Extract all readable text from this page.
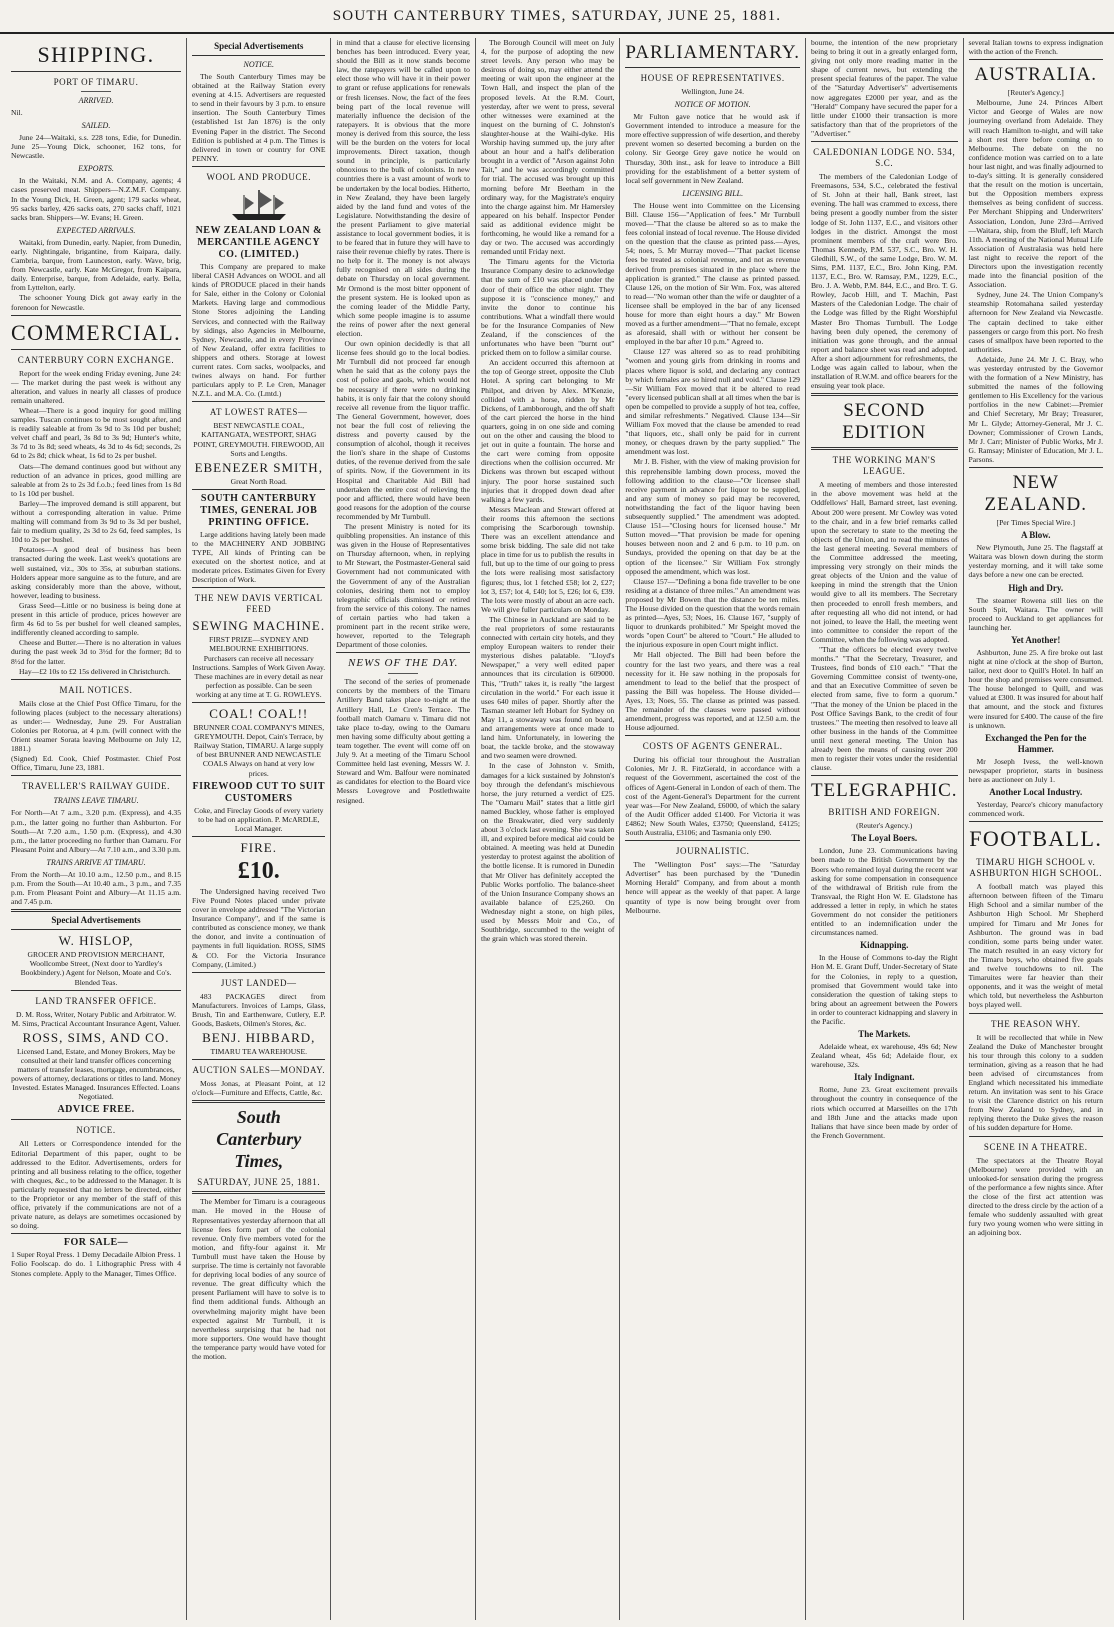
SOUTH CANTERBURY TIMES, SATURDAY, JUNE 25, 1881.
SHIPPING.
PORT OF TIMARU.
ARRIVED.

Nil.

SAILED.

June 24—Waitaki, s.s. 228 tons, Edie, for Dunedin. June 25—Young Dick, schooner, 162 tons, for Newcastle.

EXPORTS.

In the Waitaki, N.M. and A. Company, agents; 4 cases preserved meat. Shippers—N.Z.M.F. Company. In the Young Dick, H. Green, agent; 179 sacks wheat, 95 sacks barley, 426 sacks oats, 270 sacks chaff, 1021 sacks bran. Shippers—W. Evans; H. Green.

EXPECTED ARRIVALS.

Waitaki, from Dunedin, early. Napier, from Dunedin, early. Nightingale, brigantine, from Kaipara, daily. Cambria, barque, from Launceston, early. Wave, brig, from Newcastle, early. Kate McGregor, from Kaipara, daily. Enterprise, barque, from Adelaide, early. Bella, from Lyttelton, early.

The schooner Young Dick got away early in the forenoon for Newcastle.

COMMERCIAL.
CANTERBURY CORN EXCHANGE.

Report for the week ending Friday evening, June 24:— The market during the past week is without any alteration, and values in nearly all classes of produce remain unaltered.

Wheat—There is a good inquiry for good milling samples. Tuscan continues to be most sought after, and is readily saleable at from 3s 9d to 3s 10d per bushel; velvet chaff and pearl, 3s 8d to 3s 9d; Hunter's white, 3s 7d to 3s 8d; seed wheats, 4s 3d to 4s 6d; seconds, 2s 6d to 2s 8d; chick wheat, 1s 6d to 2s per bushel.

Oats—The demand continues good but without any reduction of an advance in prices, good milling are saleable at from 2s to 2s 3d f.o.b.; feed lines from 1s 8d to 1s 10d per bushel.

Barley—The improved demand is still apparent, but without a corresponding alteration in value. Prime malting will command from 3s 9d to 3s 3d per bushel, fair to medium quality, 2s 3d to 2s 6d, feed samples, 1s 10d to 2s per bushel.

Potatoes—A good deal of business has been transacted during the week. Last week's quotations are well sustained, viz., 30s to 35s, at suburban stations. Holders appear more sanguine as to the future, and are asking considerably more than the above, without, however, leading to business.

Grass Seed—Little or no business is being done at present in this article of produce, prices however are firm 4s 6d to 5s per bushel for well cleaned samples, indifferently cleaned according to sample.

Cheese and Butter.—There is no alteration in values during the past week 3d to 3½d for the former; 8d to 8½d for the latter.

Hay—£2 10s to £2 15s delivered in Christchurch.

MAIL NOTICES.

Mails close at the Chief Post Office Timaru, for the following places (subject to the necessary alterations) as under:— Wednesday, June 29. For Australian Colonies per Rotorua, at 4 p.m. (will connect with the Orient steamer Sorata leaving Melbourne on July 12, 1881.)

(Signed) Ed. Cook, Chief Postmaster. Chief Post Office, Timaru, June 23, 1881.

TRAVELLER'S RAILWAY GUIDE.
TRAINS LEAVE TIMARU.

For North—At 7 a.m., 3.20 p.m. (Express), and 4.35 p.m., the latter going no further than Ashburton. For South—At 7.20 a.m., 1.50 p.m. (Express), and 4.30 p.m., the latter proceeding no further than Oamaru. For Pleasant Point and Albury—At 7.10 a.m., and 3.30 p.m.

TRAINS ARRIVE AT TIMARU.

From the North—At 10.10 a.m., 12.50 p.m., and 8.15 p.m. From the South—At 10.40 a.m., 3 p.m., and 7.35 p.m. From Pleasant Point and Albury—At 11.15 a.m. and 7.45 p.m.

Special Advertisements
W. HISLOP,

GROCER AND PROVISION MERCHANT, Woollcombe Street, (Next door to Yardley's Bookbindery.) Agent for Nelson, Moate and Co's. Blended Teas.

LAND TRANSFER OFFICE.

D. M. Ross, Writer, Notary Public and Arbitrator. W. M. Sims, Practical Accountant Insurance Agent, Valuer.

ROSS, SIMS, AND CO.

Licensed Land, Estate, and Money Brokers, May be consulted at their land transfer offices concerning matters of transfer leases, mortgage, encumbrances, powers of attorney, declarations or titles to land. Money Invested. Estates Managed. Insurances Effected. Loans Negotiated.

ADVICE FREE.
NOTICE.

All Letters or Correspondence intended for the Editorial Department of this paper, ought to be addressed to the Editor. Advertisements, orders for printing and all business relating to the office, together with cheques, &c., to be addressed to the Manager. It is particularly requested that no letters be directed, either to the Proprietor or any member of the staff of this office, privately if the communications are not of a private nature, as delays are sometimes occasioned by so doing.

FOR SALE—

1 Super Royal Press. 1 Demy Decadaile Albion Press. 1 Folio Foolscap. do do. 1 Lithographic Press with 4 Stones complete. Apply to the Manager, Times Office.

Special Advertisements
NOTICE.

The South Canterbury Times may be obtained at the Railway Station every evening at 4.15. Advertisers are requested to send in their favours by 3 p.m. to ensure insertion. The South Canterbury Times (established 1st Jan 1876) is the only Evening Paper in the district. The Second Edition is published at 4 p.m. The Times is delivered in town or country for ONE PENNY.

WOOL AND PRODUCE.
NEW ZEALAND LOAN & MERCANTILE AGENCY CO. (LIMITED.)

This Company are prepared to make liberal CASH Advances on WOOL and all kinds of PRODUCE placed in their hands for Sale, either in the Colony or Colonial Markets. Having large and commodious Stone Stores adjoining the Landing Services, and connected with the Railway by sidings, also Agencies in Melbourne, Sydney, Newcastle, and in every Province of New Zealand, offer extra facilities to shippers and others. Storage at lowest current rates. Corn sacks, woolpacks, and twines always on hand. For further particulars apply to P. Le Cren, Manager N.Z.L. and M.A. Co. (Lmtd.)

AT LOWEST RATES—

BEST NEWCASTLE COAL, KAITANGATA, WESTPORT, SHAG POINT, GREYMOUTH. FIREWOOD, All Sorts and Lengths.

EBENEZER SMITH,

Great North Road.

SOUTH CANTERBURY TIMES, GENERAL JOB PRINTING OFFICE.

Large additions having lately been made to the MACHINERY AND JOBBING TYPE, All kinds of Printing can be executed on the shortest notice, and at moderate prices. Estimates Given for Every Description of Work.

THE NEW DAVIS VERTICAL FEED
SEWING MACHINE.

FIRST PRIZE—SYDNEY AND MELBOURNE EXHIBITIONS. Purchasers can receive all necessary Instructions. Samples of Work Given Away. These machines are in every detail as near perfection as possible. Can be seen working at any time at T. G. ROWLEYS.

COAL! COAL!!

BRUNNER COAL COMPANY'S MINES, GREYMOUTH. Depot, Cain's Terrace, by Railway Station, TIMARU. A large supply of best BRUNNER AND NEWCASTLE COALS Always on hand at very low prices.

FIREWOOD CUT TO SUIT CUSTOMERS

Coke, and Fireclay Goods of every variety to be had on application. P. McARDLE, Local Manager.

FIRE.
£10.

The Undersigned having received Two Five Pound Notes placed under private cover in envelope addressed "The Victorian Insurance Company", and if the same is contributed as conscience money, we thank the donor, and invite a continuation of payments in full liquidation. ROSS, SIMS & CO. For the Victoria Insurance Company, (Limited.)

JUST LANDED—

483 PACKAGES direct from Manufacturers. Invoices of Lamps, Glass, Brush, Tin and Earthenware, Cutlery, E.P. Goods, Baskets, Oilmen's Stores, &c.

BENJ. HIBBARD,

TIMARU TEA WAREHOUSE.

AUCTION SALES—MONDAY.

Moss Jonas, at Pleasant Point, at 12 o'clock—Furniture and Effects, Cattle, &c.

South Canterbury Times,
SATURDAY, JUNE 25, 1881.

The Member for Timaru is a courageous man. He moved in the House of Representatives yesterday afternoon that all license fees form part of the colonial revenue. Only five members voted for the motion, and fifty-four against it. Mr Turnbull must have taken the House by surprise. The time is certainly not favorable for depriving local bodies of any source of revenue. The great difficulty which the present Parliament will have to solve is to find them additional funds. Although an overwhelming majority might have been expected against Mr Turnbull, it is nevertheless surprising that he had not more supporters. One would have thought the temperance party would have voted for the motion.

in mind that a clause for elective licensing benches has been introduced. Every year, should the Bill as it now stands become law, the ratepayers will be called upon to elect those who will have it in their power to grant or refuse applications for renewals or fresh licenses. Now, the fact of the fees being part of the local revenue will materially influence the decision of the ratepayers. It is obvious that the more money is derived from this source, the less will be the burden on the voters for local improvements. Direct taxation, though sound in principle, is particularly obnoxious to the bulk of colonists. In new countries there is a vast amount of work to be undertaken by the local bodies. Hitherto, in New Zealand, they have been largely aided by the land fund and votes of the Legislature. Notwithstanding the desire of the present Parliament to give material assistance to local government bodies, it is to be feared that in future they will have to raise their revenue chiefly by rates. There is no help for it. The money is not always fully recognised on all sides during the debate on Thursday on local government. Mr Ormond is the most bitter opponent of the present system. He is looked upon as the coming leader of the Middle Party, which some people imagine is to assume the reins of power after the next general election.

Our own opinion decidedly is that all license fees should go to the local bodies. Mr Turnbull did not proceed far enough when he said that as the colony pays the cost of police and gaols, which would not be necessary if there were no drinking habits, it is only fair that the colony should receive all revenue from the liquor traffic. The General Government, however, does not bear the full cost of relieving the distress and poverty caused by the consumption of alcohol, though it receives the lion's share in the shape of Customs duties, of the revenue derived from the sale of spirits. Now, if the Government in its Hospital and Charitable Aid Bill had undertaken the entire cost of relieving the poor and afflicted, there would have been good reasons for the adoption of the course recommended by Mr Turnbull.

The present Ministry is noted for its quibbling propensities. An instance of this was given in the House of Representatives on Thursday afternoon, when, in replying to Mr Stewart, the Postmaster-General said Government had not communicated with the Government of any of the Australian colonies, desiring them not to employ telegraphic officials dismissed or retired from the service of this colony. The names of certain parties who had taken a prominent part in the recent strike were, however, reported to the Telegraph Department of those colonies.

NEWS OF THE DAY.

The second of the series of promenade concerts by the members of the Timaru Artillery Band takes place to-night at the Artillery Hall, Le Cren's Terrace. The football match Oamaru v. Timaru did not take place to-day, owing to the Oamaru men having some difficulty about getting a team together. The event will come off on July 9. At a meeting of the Timaru School Committee held last evening, Messrs W. J. Steward and Wm. Balfour were nominated as candidates for election to the Board vice Messrs Lovegrove and Postlethwaite resigned.

The Borough Council will meet on July 4, for the purpose of adopting the new street levels. Any person who may be desirous of doing so, may either attend the meeting or wait upon the engineer at the Town Hall, and inspect the plan of the proposed levels. At the R.M. Court, yesterday, after we went to press, several other witnesses were examined at the inquest on the burning of C. Johnston's slaughter-house at the Waihi-dyke. His Worship having summed up, the jury after about an hour and a half's deliberation brought in a verdict of "Arson against John Tait," and he was accordingly committed for trial. The accused was brought up this morning before Mr Beetham in the ordinary way, for the Magistrate's enquiry into the charge against him. Mr Hamersley appeared on his behalf. Inspector Pender said as additional evidence might be forthcoming, he would like a remand for a day or two. The accused was accordingly remanded until Friday next.

The Timaru agents for the Victoria Insurance Company desire to acknowledge that the sum of £10 was placed under the door of their office the other night. They suppose it is "conscience money," and invite the donor to continue his contributions. What a windfall there would be for the Insurance Companies of New Zealand, if the consciences of the unfortunates who have been "burnt out" pricked them on to follow a similar course.

An accident occurred this afternoon at the top of George street, opposite the Club Hotel. A spring cart belonging to Mr Philpot, and driven by Alex. M'Kenzie, collided with a horse, ridden by Mr Dickens, of Lambborough, and the off shaft of the cart pierced the horse in the hind quarters, going in on one side and coming out on the other and causing the blood to jet out in quite a fountain. The horse and the cart were coming from opposite directions when the collision occurred. Mr Dickens was thrown but escaped without injury. The poor horse sustained such injuries that it dropped down dead after walking a few yards.

Messrs Maclean and Stewart offered at their rooms this afternoon the sections comprising the Scarborough township. There was an excellent attendance and some brisk bidding. The sale did not take place in time for us to publish the results in full, but up to the time of our going to press the lots were realising most satisfactory figures; thus, lot 1 fetched £58; lot 2, £27; lot 3, £57; lot 4, £40; lot 5, £26; lot 6, £39. The lots were mostly of about an acre each. We will give fuller particulars on Monday.

The Chinese in Auckland are said to be the real proprietors of some restaurants connected with certain city hotels, and they employ European waiters to render their mysterious dishes palatable. "Lloyd's Newspaper," a very well edited paper announces that its circulation is 609000. This, "Truth" takes it, is really "the largest circulation in the world." For each issue it uses 640 miles of paper. Shortly after the Tasman steamer left Hobart for Sydney on May 11, a stowaway was found on board, and arrangements were at once made to land him. Unfortunately, in lowering the boat, the tackle broke, and the stowaway and two seamen were drowned.

In the case of Johnston v. Smith, damages for a kick sustained by Johnston's boy through the defendant's mischievous horse, the jury returned a verdict of £25. The "Oamaru Mail" states that a little girl named Buckley, whose father is employed on the Breakwater, died very suddenly about 3 o'clock last evening. She was taken ill, and expired before medical aid could be obtained. A meeting was held at Dunedin yesterday to protest against the abolition of the bottle license. It is rumored in Dunedin that Mr Oliver has definitely accepted the Public Works portfolio. The balance-sheet of the Union Insurance Company shows an available balance of £25,260. On Wednesday night a stone, on high piles, used by Messrs Moir and Co., of Southbridge, succumbed to the weight of the grain which was stored therein.

PARLIAMENTARY.
HOUSE OF REPRESENTATIVES.

Wellington, June 24.

NOTICE OF MOTION.

Mr Fulton gave notice that he would ask if Government intended to introduce a measure for the more effective suppression of wife desertion, and thereby prevent women so deserted becoming a burden on the colony. Sir George Grey gave notice he would on Thursday, 30th inst., ask for leave to introduce a Bill providing for the establishment of a better system of local self government in New Zealand.

LICENSING BILL.

The House went into Committee on the Licensing Bill. Clause 156—"Application of fees." Mr Turnbull moved—"That the clause be altered so as to make the fees colonial instead of local revenue. The House divided on the question that the clause as printed pass.—Ayes, 54; noes, 5. Mr Murray moved—"That packet license fees be treated as colonial revenue, and not as revenue derived from premises situated in the place where the application is granted." The clause as printed passed. Clause 126, on the motion of Sir Wm. Fox, was altered to read—"No woman other than the wife or daughter of a licensee shall be employed in the bar of any licensed house for more than eight hours a day." Mr Bowen moved as a further amendment—"That no female, except as aforesaid, shall with or without her consent be employed in the bar after 10 p.m." Agreed to.

Clause 127 was altered so as to read prohibiting "women and young girls from drinking in rooms and places where liquor is sold, and declaring any contract by which females are so hired null and void." Clause 129—Sir William Fox moved that it be altered to read "every licensed publican shall at all times when the bar is open be compelled to provide a supply of hot tea, coffee, and similar refreshments." Negatived. Clause 134—Sir William Fox moved that the clause be amended to read "that liquors, etc., shall only be paid for in current money, or cheques drawn by the party supplied." The amendment was lost.

Mr J. B. Fisher, with the view of making provision for this reprehensible lambing down process, moved the following addition to the clause—"Or licensee shall receive payment in advance for liquor to be supplied, and any sum of money so paid may be recovered, notwithstanding the fact of the liquor having been subsequently supplied." The amendment was adopted. Clause 151—"Closing hours for licensed house." Mr Sutton moved—"That provision be made for opening houses between noon and 2 and 6 p.m. to 10 p.m. on Sundays, provided the opening on that day be at the option of the licensee." Sir William Fox strongly opposed the amendment, which was lost.

Clause 157—"Defining a bona fide traveller to be one residing at a distance of three miles." An amendment was proposed by Mr Bowen that the distance be ten miles. The House divided on the question that the words remain as printed—Ayes, 53; Noes, 16. Clause 167, "supply of liquor to drunkards prohibited." Mr Speight moved the words "open Court" be altered to "Court." He alluded to the injurious exposure in open Court might inflict.

Mr Hall objected. The Bill had been before the country for the last two years, and there was a real necessity for it. He saw nothing in the proposals for amendment to lead to the belief that the prospect of passing the Bill was hopeless. The House divided—Ayes, 13; Noes, 55. The clause as printed was passed. The remainder of the clauses were passed without amendment, progress was reported, and at 12.50 a.m. the House adjourned.

COSTS OF AGENTS GENERAL.

During his official tour throughout the Australian Colonies, Mr J. R. FitzGerald, in accordance with a request of the Government, ascertained the cost of the offices of Agent-General in London of each of them. The cost of the Agent-General's Department for the current year was—For New Zealand, £6000, of which the salary of the Audit Officer added £1400. For Victoria it was £4862; New South Wales, £3750; Queensland, £4125; South Australia, £3106; and Tasmania only £90.

JOURNALISTIC.

The "Wellington Post" says:—The "Saturday Advertiser" has been purchased by the "Dunedin Morning Herald" Company, and from about a month hence will appear as the weekly of that paper. A large quantity of type is now being brought over from Melbourne.

bourne, the intention of the new proprietary being to bring it out in a greatly enlarged form, giving not only more reading matter in the shape of current news, but extending the present special features of the paper. The value of the "Saturday Advertiser's" advertisements now aggregates £2000 per year, and as the "Herald" Company have secured the paper for a little under £1000 their transaction is more satisfactory than that of the proprietors of the "Advertiser."

CALEDONIAN LODGE NO. 534, S.C.

The members of the Caledonian Lodge of Freemasons, 534, S.C., celebrated the festival of St. John at their hall, Bank street, last evening. The hall was crammed to excess, there being present a goodly number from the sister lodge of St. John 1137, E.C., and visitors other lodges in the district. Amongst the most prominent members of the craft were Bro. Thomas Kennedy, P.M. 537, S.C., Bro. W. H. Gledhill, S.W., of the same Lodge, Bro. W. M. Sims, P.M. 1137, E.C., Bro. John King, P.M. 1137, E.C., Bro. W. Ramsay, P.M., 1229, E.C., Bro. J. A. Webb, P.M. 844, E.C., and Bro. T. G. Rowley, Jacob Hill, and T. Machin, Past Masters of the Caledonian Lodge. The chair of the Lodge was filled by the Right Worshipful Master Bro Thomas Turnbull. The Lodge having been duly opened, the ceremony of initiation was gone through, and the annual report and balance sheet was read and adopted. After a short adjournment for refreshments, the Lodge was again called to labour, when the installation of R.W.M. and office bearers for the ensuing year took place.

SECOND EDITION
THE WORKING MAN'S LEAGUE.

A meeting of members and those interested in the above movement was held at the Oddfellows' Hall, Barnard street, last evening. About 200 were present. Mr Cowley was voted to the chair, and in a few brief remarks called upon the secretary to state to the meeting the objects of the Union, and to read the minutes of the last general meeting. Several members of the Committee addressed the meeting, impressing very strongly on their minds the great objects of the Union and the value of keeping in mind the strength that the Union would give to all its members. The Secretary then proceeded to enroll fresh members, and after requesting all who did not intend, or had not joined, to leave the Hall, the meeting went into committee to consider the report of the Committee, when the following was adopted.

"That the officers be elected every twelve months." "That the Secretary, Treasurer, and Trustees, find bonds of £10 each." "That the Governing Committee consist of twenty-one, and that an Executive Committee of seven be elected from same, five to form a quorum." "That the money of the Union be placed in the Post Office Savings Bank, to the credit of four trustees." The meeting then resolved to leave all other business in the hands of the Committee until next general meeting. The Union has already been the means of causing over 200 men to register their votes under the residential clause.

TELEGRAPHIC.
BRITISH AND FOREIGN.

(Reuter's Agency.)

The Loyal Boers.

London, June 23. Communications having been made to the British Government by the Boers who remained loyal during the recent war asking for some compensation in consequence of the withdrawal of British rule from the Transvaal, the Right Hon W. E. Gladstone has addressed a letter in reply, in which he states Government do not consider the petitioners entitled to an indemnification under the circumstances named.

Kidnapping.

In the House of Commons to-day the Right Hon M. E. Grant Duff, Under-Secretary of State for the Colonies, in reply to a question, promised that Government would take into consideration the question of taking steps to bring about an agreement between the Powers in order to counteract kidnapping and slavery in the Pacific.

The Markets.

Adelaide wheat, ex warehouse, 49s 6d; New Zealand wheat, 45s 6d; Adelaide flour, ex warehouse, 32s.

Italy Indignant.

Rome, June 23. Great excitement prevails throughout the country in consequence of the riots which occurred at Marseilles on the 17th and 18th June and the attacks made upon Italians that have since been made by order of the French Government.

several Italian towns to express indignation with the action of the French.

AUSTRALIA.

[Reuter's Agency.]

Melbourne, June 24. Princes Albert Victor and George of Wales are now journeying overland from Adelaide. They will reach Hamilton to-night, and will take a short rest there before coming on to Melbourne. The debate on the no confidence motion was carried on to a late hour last night, and was finally adjourned to to-day's sitting. It is generally considered that the result on the motion is uncertain, but the Opposition members express themselves as being confident of success. Per Merchant Shipping and Underwriters' Association, London, June 23rd—Arrived—Waitara, ship, from the Bluff, left March 11th. A meeting of the National Mutual Life Association of Australasia was held here last night to receive the report of the Directors upon the investigation recently made into the financial position of the Association.

Sydney, June 24. The Union Company's steamship Rotomahana sailed yesterday afternoon for New Zealand via Newcastle. The captain declined to take either passengers or cargo from this port. No fresh cases of smallpox have been reported to the authorities.

Adelaide, June 24. Mr J. C. Bray, who was yesterday entrusted by the Governor with the formation of a New Ministry, has submitted the names of the following gentlemen to His Excellency for the various portfolios in the new Cabinet:—Premier and Chief Secretary, Mr Bray; Treasurer, Mr L. Glyde; Attorney-General, Mr J. C. Downer; Commissioner of Crown Lands, Mr J. Carr; Minister of Public Works, Mr J. G. Ramsay; Minister of Education, Mr J. L. Parsons.

NEW ZEALAND.

[Per Times Special Wire.]

A Blow.

New Plymouth, June 25. The flagstaff at Waitara was blown down during the storm yesterday morning, and it will take some days before a new one can be erected.

High and Dry.

The steamer Rowena still lies on the South Spit, Waitara. The owner will proceed to Auckland to get appliances for launching her.

Yet Another!

Ashburton, June 25. A fire broke out last night at nine o'clock at the shop of Burton, tailor, next door to Quill's Hotel. In half an hour the shop and premises were consumed. The house belonged to Quill, and was valued at £300. It was insured for about half that amount, and the stock and fixtures were insured for £400. The cause of the fire is unknown.

Exchanged the Pen for the Hammer.

Mr Joseph Ivess, the well-known newspaper proprietor, starts in business here as auctioneer on July 1.

Another Local Industry.

Yesterday, Pearce's chicory manufactory commenced work.

FOOTBALL.
TIMARU HIGH SCHOOL v. ASHBURTON HIGH SCHOOL.

A football match was played this afternoon between fifteen of the Timaru High School and a similar number of the Ashburton High School. Mr Shepherd umpired for Timaru and Mr Jones for Ashburton. The ground was in bad condition, some parts being under water. The match resulted in an easy victory for the Timaru boys, who obtained five goals and twelve touchdowns to nil. The Timaruites were far heavier than their opponents, and it was the weight of metal which told, but nevertheless the Ashburton boys played well.

THE REASON WHY.

It will be recollected that while in New Zealand the Duke of Manchester brought his tour through this colony to a sudden termination, giving as a reason that he had been advised of circumstances from England which necessitated his immediate return. An invitation was sent to his Grace to visit the Clarence district on his return from New Zealand to Sydney, and in replying thereto the Duke gives the reason of his sudden departure for Home.

SCENE IN A THEATRE.

The spectators at the Theatre Royal (Melbourne) were provided with an unlooked-for sensation during the progress of the performance a few nights since. After the close of the first act attention was directed to the dress circle by the action of a female who suddenly assaulted with great fury two young women who were sitting in an adjoining box.
